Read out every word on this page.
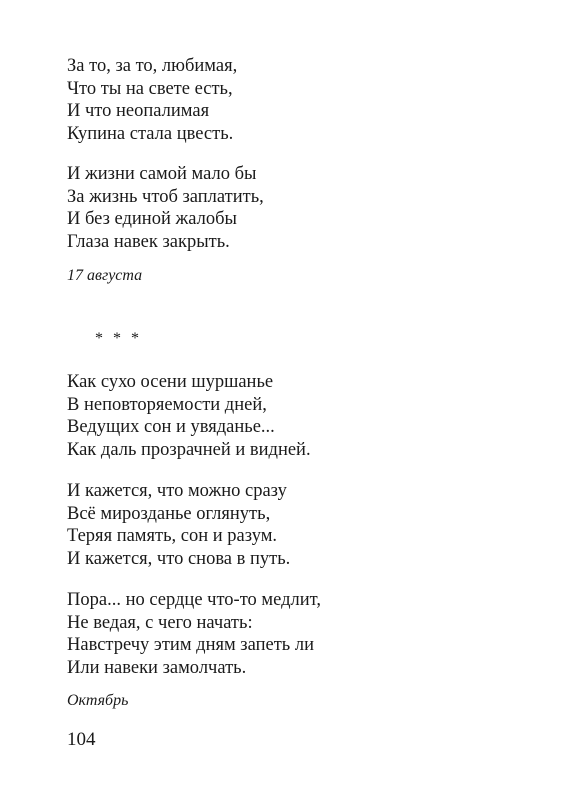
За то, за то, любимая,
Что ты на свете есть,
И что неопалимая
Купина стала цвесть.

И жизни самой мало бы
За жизнь чтоб заплатить,
И без единой жалобы
Глаза навек закрыть.

17 августа

* * *

Как сухо осени шуршанье
В неповторяемости дней,
Ведущих сон и увяданье...
Как даль прозрачней и видней.

И кажется, что можно сразу
Всё мирозданье оглянуть,
Теряя память, сон и разум.
И кажется, что снова в путь.

Пора... но сердце что-то медлит,
Не ведая, с чего начать:
Навстречу этим дням запеть ли
Или навеки замолчать.

Октябрь

104
